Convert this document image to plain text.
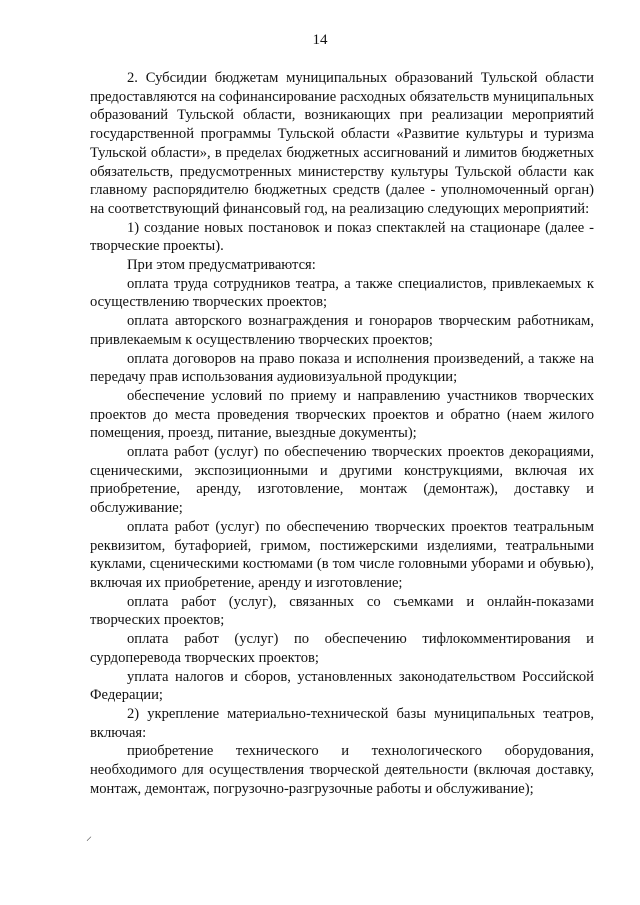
14

2. Субсидии бюджетам муниципальных образований Тульской области предоставляются на софинансирование расходных обязательств муниципальных образований Тульской области, возникающих при реализации мероприятий государственной программы Тульской области «Развитие культуры и туризма Тульской области», в пределах бюджетных ассигнований и лимитов бюджетных обязательств, предусмотренных министерству культуры Тульской области как главному распорядителю бюджетных средств (далее - уполномоченный орган) на соответствующий финансовый год, на реализацию следующих мероприятий:

1) создание новых постановок и показ спектаклей на стационаре (далее - творческие проекты).

При этом предусматриваются:

оплата труда сотрудников театра, а также специалистов, привлекаемых к осуществлению творческих проектов;

оплата авторского вознаграждения и гонораров творческим работникам, привлекаемым к осуществлению творческих проектов;

оплата договоров на право показа и исполнения произведений, а также на передачу прав использования аудиовизуальной продукции;

обеспечение условий по приему и направлению участников творческих проектов до места проведения творческих проектов и обратно (наем жилого помещения, проезд, питание, выездные документы);

оплата работ (услуг) по обеспечению творческих проектов декорациями, сценическими, экспозиционными и другими конструкциями, включая их приобретение, аренду, изготовление, монтаж (демонтаж), доставку и обслуживание;

оплата работ (услуг) по обеспечению творческих проектов театральным реквизитом, бутафорией, гримом, постижерскими изделиями, театральными куклами, сценическими костюмами (в том числе головными уборами и обувью), включая их приобретение, аренду и изготовление;

оплата работ (услуг), связанных со съемками и онлайн-показами творческих проектов;

оплата работ (услуг) по обеспечению тифлокомментирования и сурдоперевода творческих проектов;

уплата налогов и сборов, установленных законодательством Российской Федерации;

2) укрепление материально-технической базы муниципальных театров, включая:

приобретение технического и технологического оборудования, необходимого для осуществления творческой деятельности (включая доставку, монтаж, демонтаж, погрузочно-разгрузочные работы и обслуживание);

⸝
